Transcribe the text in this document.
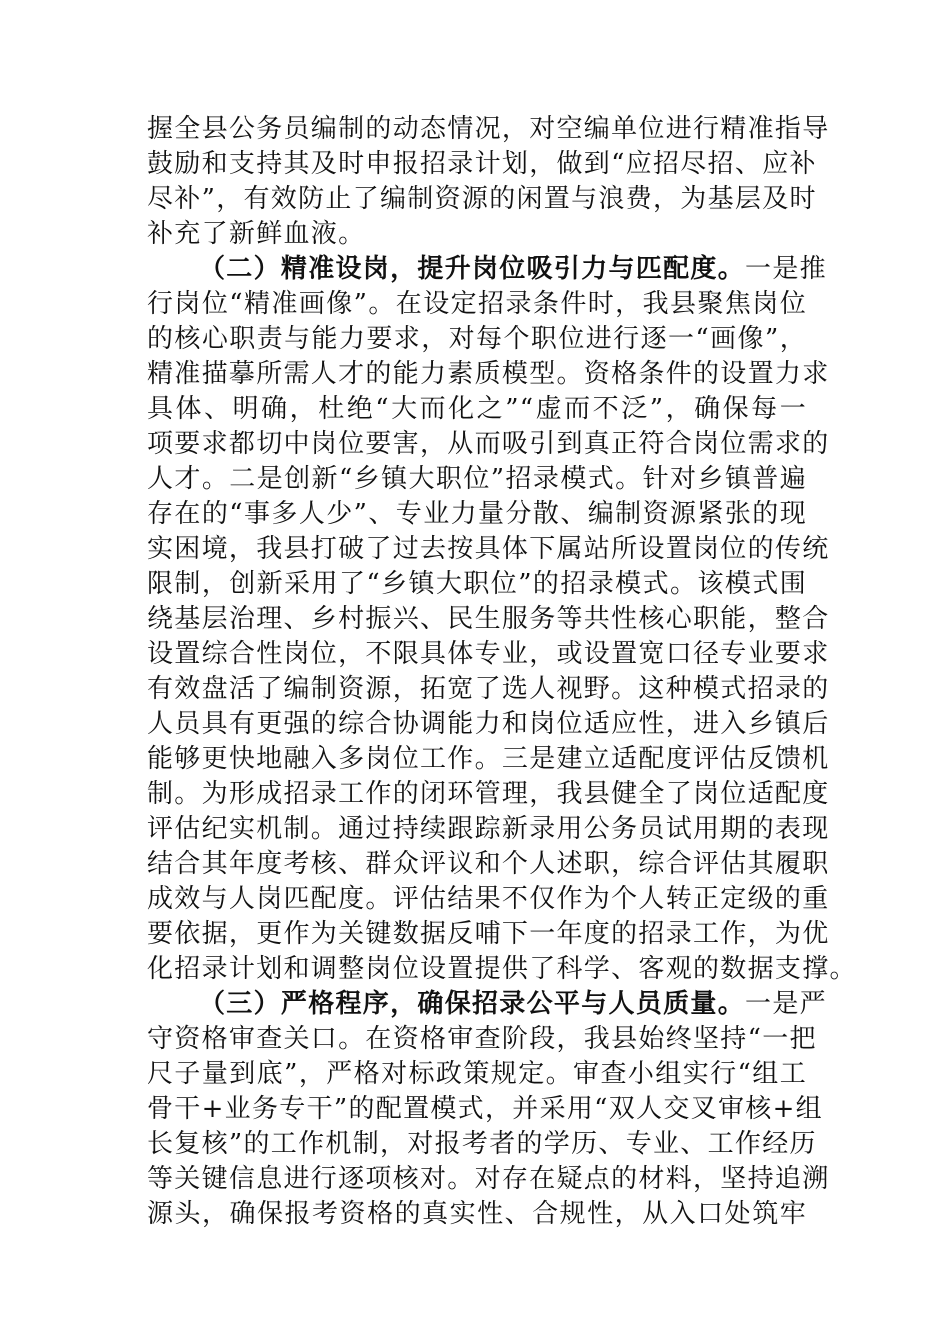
握全县公务员编制的动态情况，对空编单位进行精准指导
鼓励和支持其及时申报招录计划，做到“应招尽招、应补
尽补”，有效防止了编制资源的闲置与浪费，为基层及时
补充了新鲜血液。
（二）精准设岗，提升岗位吸引力与匹配度。一是推
行岗位“精准画像”。在设定招录条件时，我县聚焦岗位
的核心职责与能力要求，对每个职位进行逐一“画像”，
精准描摹所需人才的能力素质模型。资格条件的设置力求
具体、明确，杜绝“大而化之”“虚而不泛”，确保每一
项要求都切中岗位要害，从而吸引到真正符合岗位需求的
人才。二是创新“乡镇大职位”招录模式。针对乡镇普遍
存在的“事多人少”、专业力量分散、编制资源紧张的现
实困境，我县打破了过去按具体下属站所设置岗位的传统
限制，创新采用了“乡镇大职位”的招录模式。该模式围
绕基层治理、乡村振兴、民生服务等共性核心职能，整合
设置综合性岗位，不限具体专业，或设置宽口径专业要求
有效盘活了编制资源，拓宽了选人视野。这种模式招录的
人员具有更强的综合协调能力和岗位适应性，进入乡镇后
能够更快地融入多岗位工作。三是建立适配度评估反馈机
制。为形成招录工作的闭环管理，我县健全了岗位适配度
评估纪实机制。通过持续跟踪新录用公务员试用期的表现
结合其年度考核、群众评议和个人述职，综合评估其履职
成效与人岗匹配度。评估结果不仅作为个人转正定级的重
要依据，更作为关键数据反哺下一年度的招录工作，为优
化招录计划和调整岗位设置提供了科学、客观的数据支撑。
（三）严格程序，确保招录公平与人员质量。一是严
守资格审查关口。在资格审查阶段，我县始终坚持“一把
尺子量到底”，严格对标政策规定。审查小组实行“组工
骨干+业务专干”的配置模式，并采用“双人交叉审核+组
长复核”的工作机制，对报考者的学历、专业、工作经历
等关键信息进行逐项核对。对存在疑点的材料，坚持追溯
源头，确保报考资格的真实性、合规性，从入口处筑牢
